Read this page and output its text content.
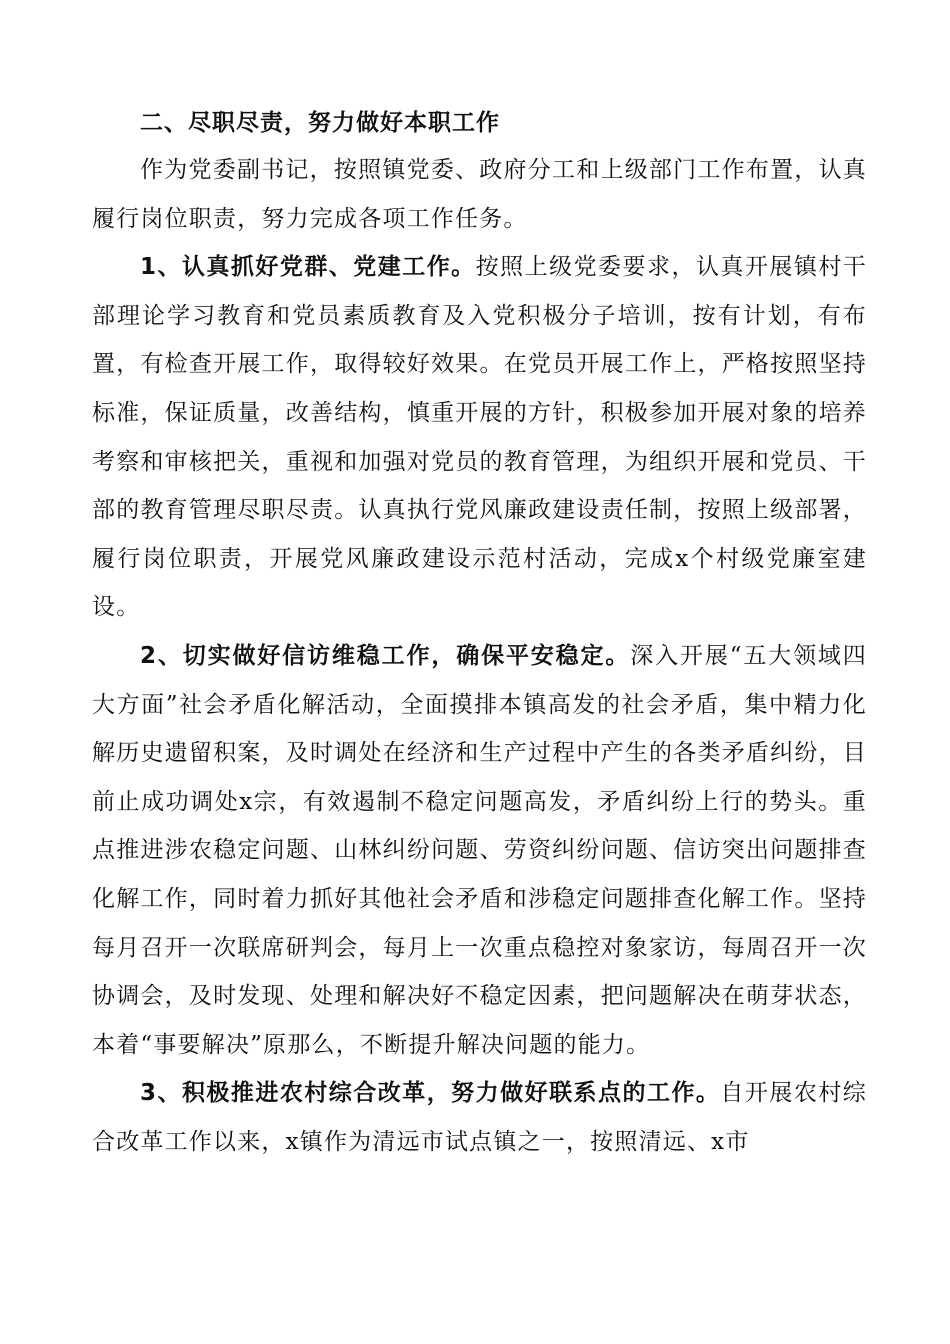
二、尽职尽责，努力做好本职工作

作为党委副书记，按照镇党委、政府分工和上级部门工作布置，认真履行岗位职责，努力完成各项工作任务。

1、认真抓好党群、党建工作。按照上级党委要求，认真开展镇村干部理论学习教育和党员素质教育及入党积极分子培训，按有计划，有布置，有检查开展工作，取得较好效果。在党员开展工作上，严格按照坚持标准，保证质量，改善结构，慎重开展的方针，积极参加开展对象的培养考察和审核把关，重视和加强对党员的教育管理，为组织开展和党员、干部的教育管理尽职尽责。认真执行党风廉政建设责任制，按照上级部署，履行岗位职责，开展党风廉政建设示范村活动，完成x个村级党廉室建设。

2、切实做好信访维稳工作，确保平安稳定。深入开展“五大领域四大方面”社会矛盾化解活动，全面摸排本镇高发的社会矛盾，集中精力化解历史遗留积案，及时调处在经济和生产过程中产生的各类矛盾纠纷，目前止成功调处x宗，有效遏制不稳定问题高发，矛盾纠纷上行的势头。重点推进涉农稳定问题、山林纠纷问题、劳资纠纷问题、信访突出问题排查化解工作，同时着力抓好其他社会矛盾和涉稳定问题排查化解工作。坚持每月召开一次联席研判会，每月上一次重点稳控对象家访，每周召开一次协调会，及时发现、处理和解决好不稳定因素，把问题解决在萌芽状态，本着“事要解决”原那么，不断提升解决问题的能力。

3、积极推进农村综合改革，努力做好联系点的工作。自开展农村综合改革工作以来，x镇作为清远市试点镇之一，按照清远、x市
